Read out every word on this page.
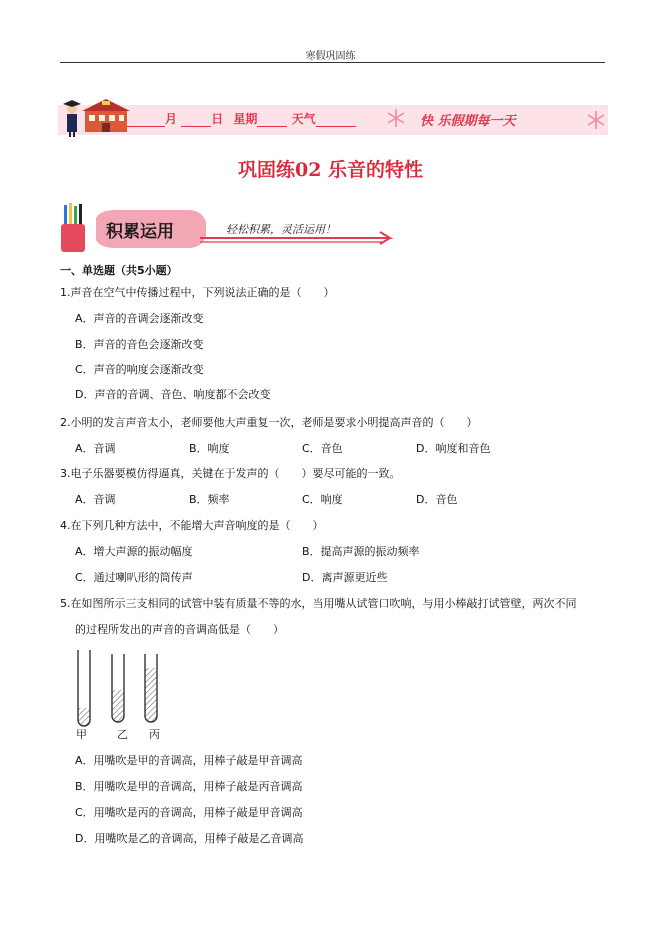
寒假巩固练
月	日 星期	天气	快 乐假期每一天
巩固练02 乐音的特性
积累运用	轻松积累，灵活运用！
一、单选题（共5小题）
1.声音在空气中传播过程中，下列说法正确的是（　　）
A．声音的音调会逐渐改变
B．声音的音色会逐渐改变
C．声音的响度会逐渐改变
D．声音的音调、音色、响度都不会改变
2.小明的发言声音太小，老师要他大声重复一次，老师是要求小明提高声音的（　　）
A．音调	B．响度	C．音色	D．响度和音色
3.电子乐器要模仿得逼真，关键在于发声的（　　）要尽可能的一致。
A．音调	B．频率	C．响度	D．音色
4.在下列几种方法中，不能增大声音响度的是（　　）
A．增大声源的振动幅度	B．提高声源的振动频率
C．通过喇叭形的筒传声	D．离声源更近些
5.在如图所示三支相同的试管中装有质量不等的水，当用嘴从试管口吹响，与用小棒敲打试管壁，两次不同
的过程所发出的声音的音调高低是（　　）
甲	乙 丙
A．用嘴吹是甲的音调高，用棒子敲是甲音调高
B．用嘴吹是甲的音调高，用棒子敲是丙音调高
C．用嘴吹是丙的音调高，用棒子敲是甲音调高
D．用嘴吹是乙的音调高，用棒子敲是乙音调高
